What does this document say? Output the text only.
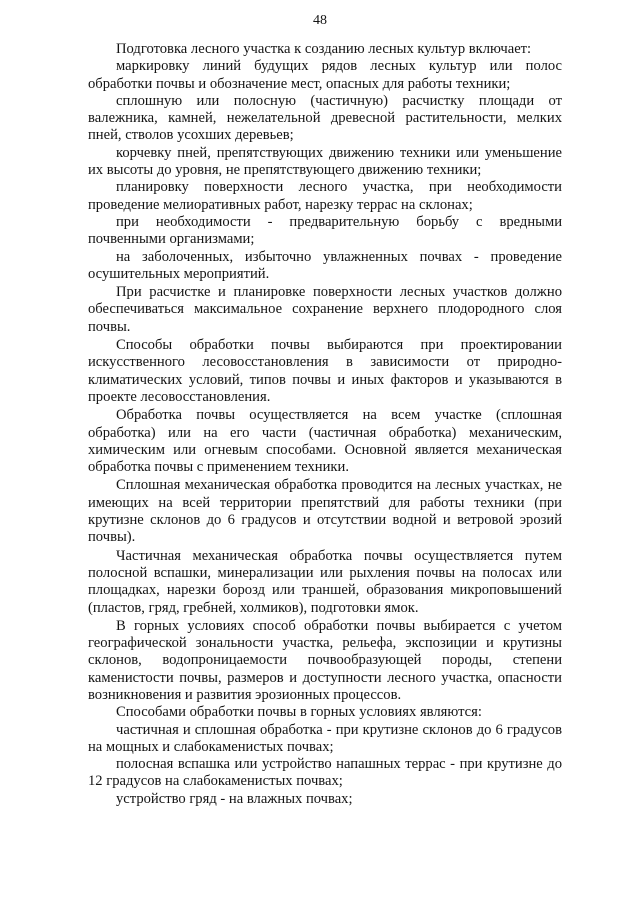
48

Подготовка лесного участка к созданию лесных культур включает:

маркировку линий будущих рядов лесных культур или полос обработки почвы и обозначение мест, опасных для работы техники;

сплошную или полосную (частичную) расчистку площади от валежника, камней, нежелательной древесной растительности, мелких пней, стволов усохших деревьев;

корчевку пней, препятствующих движению техники или уменьшение их высоты до уровня, не препятствующего движению техники;

планировку поверхности лесного участка, при необходимости проведение мелиоративных работ, нарезку террас на склонах;

при необходимости - предварительную борьбу с вредными почвенными организмами;

на заболоченных, избыточно увлажненных почвах - проведение осушительных мероприятий.

При расчистке и планировке поверхности лесных участков должно обеспечиваться максимальное сохранение верхнего плодородного слоя почвы.

Способы обработки почвы выбираются при проектировании искусственного лесовосстановления в зависимости от природно-климатических условий, типов почвы и иных факторов и указываются в проекте лесовосстановления.

Обработка почвы осуществляется на всем участке (сплошная обработка) или на его части (частичная обработка) механическим, химическим или огневым способами. Основной является механическая обработка почвы с применением техники.

Сплошная механическая обработка проводится на лесных участках, не имеющих на всей территории препятствий для работы техники (при крутизне склонов до 6 градусов и отсутствии водной и ветровой эрозий почвы).

Частичная механическая обработка почвы осуществляется путем полосной вспашки, минерализации или рыхления почвы на полосах или площадках, нарезки борозд или траншей, образования микроповышений (пластов, гряд, гребней, холмиков), подготовки ямок.

В горных условиях способ обработки почвы выбирается с учетом географической зональности участка, рельефа, экспозиции и крутизны склонов, водопроницаемости почвообразующей породы, степени каменистости почвы, размеров и доступности лесного участка, опасности возникновения и развития эрозионных процессов.

Способами обработки почвы в горных условиях являются:

частичная и сплошная обработка - при крутизне склонов до 6 градусов на мощных и слабокаменистых почвах;

полосная вспашка или устройство напашных террас - при крутизне до 12 градусов на слабокаменистых почвах;

устройство гряд - на влажных почвах;
